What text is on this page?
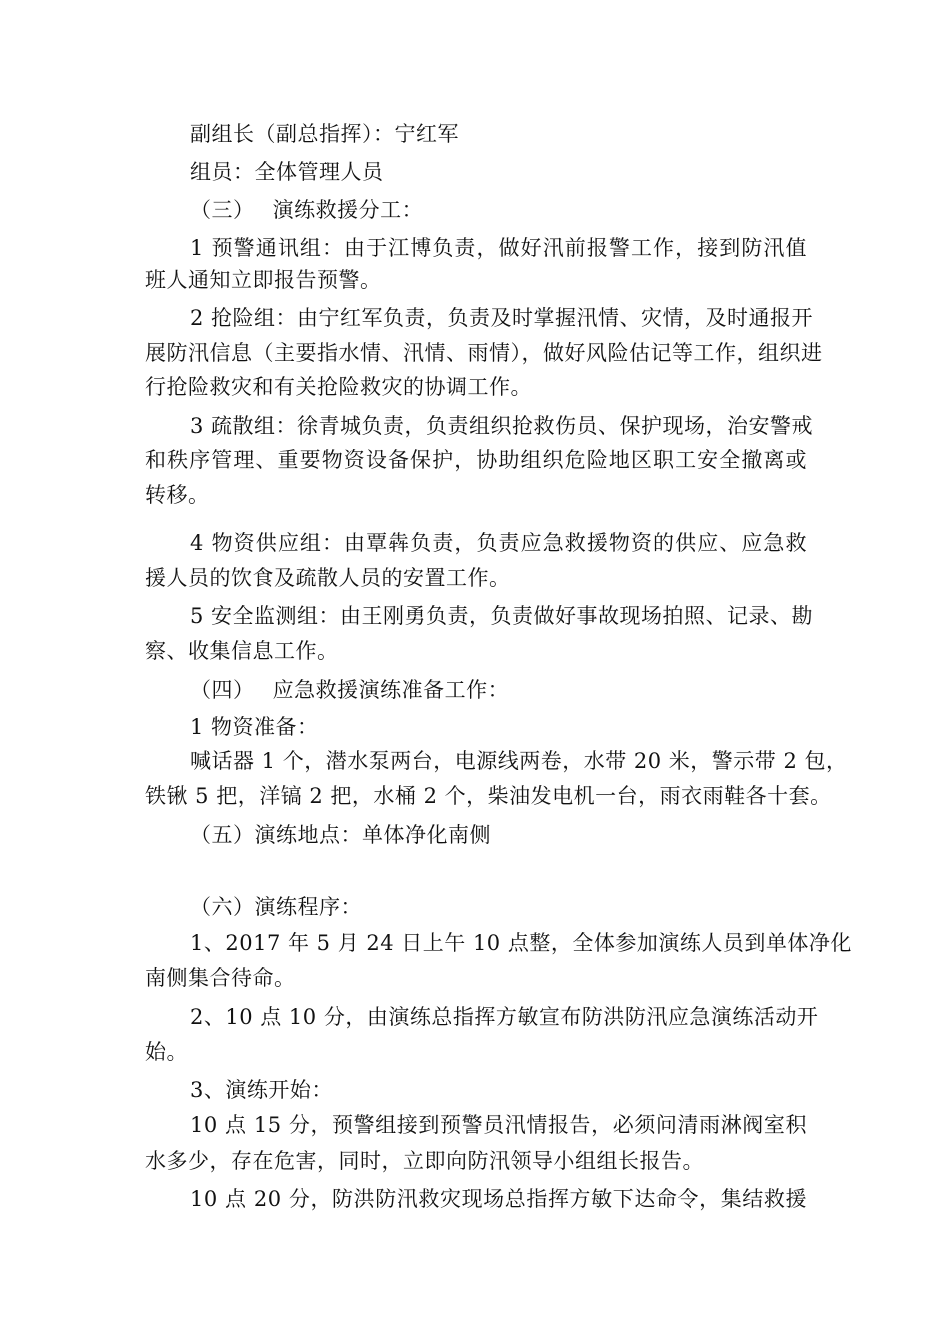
副组长（副总指挥）：宁红军
组员：全体管理人员
（三）　 演练救援分工：
1 预警通讯组：由于江博负责，做好汛前报警工作，接到防汛值
班人通知立即报告预警。
2 抢险组：由宁红军负责，负责及时掌握汛情、灾情，及时通报开
展防汛信息（主要指水情、汛情、雨情），做好风险估记等工作，组织进
行抢险救灾和有关抢险救灾的协调工作。
3 疏散组：徐青城负责，负责组织抢救伤员、保护现场，治安警戒
和秩序管理、重要物资设备保护，协助组织危险地区职工安全撤离或
转移。
4 物资供应组：由覃犇负责，负责应急救援物资的供应、应急救
援人员的饮食及疏散人员的安置工作。
5 安全监测组：由王刚勇负责，负责做好事故现场拍照、记录、勘
察、收集信息工作。
（四）　 应急救援演练准备工作：
1 物资准备：
喊话器 1 个，潜水泵两台，电源线两卷，水带 20 米，警示带 2 包，
铁锹 5 把，洋镐 2 把，水桶 2 个，柴油发电机一台，雨衣雨鞋各十套。
（五）演练地点：单体净化南侧
（六）演练程序：
1、2017 年 5 月 24 日上午 10 点整，全体参加演练人员到单体净化
南侧集合待命。
2、10 点 10 分，由演练总指挥方敏宣布防洪防汛应急演练活动开
始。
3、演练开始：
10 点 15 分，预警组接到预警员汛情报告，必须问清雨淋阀室积
水多少，存在危害，同时，立即向防汛领导小组组长报告。
10 点 20 分，防洪防汛救灾现场总指挥方敏下达命令，集结救援
